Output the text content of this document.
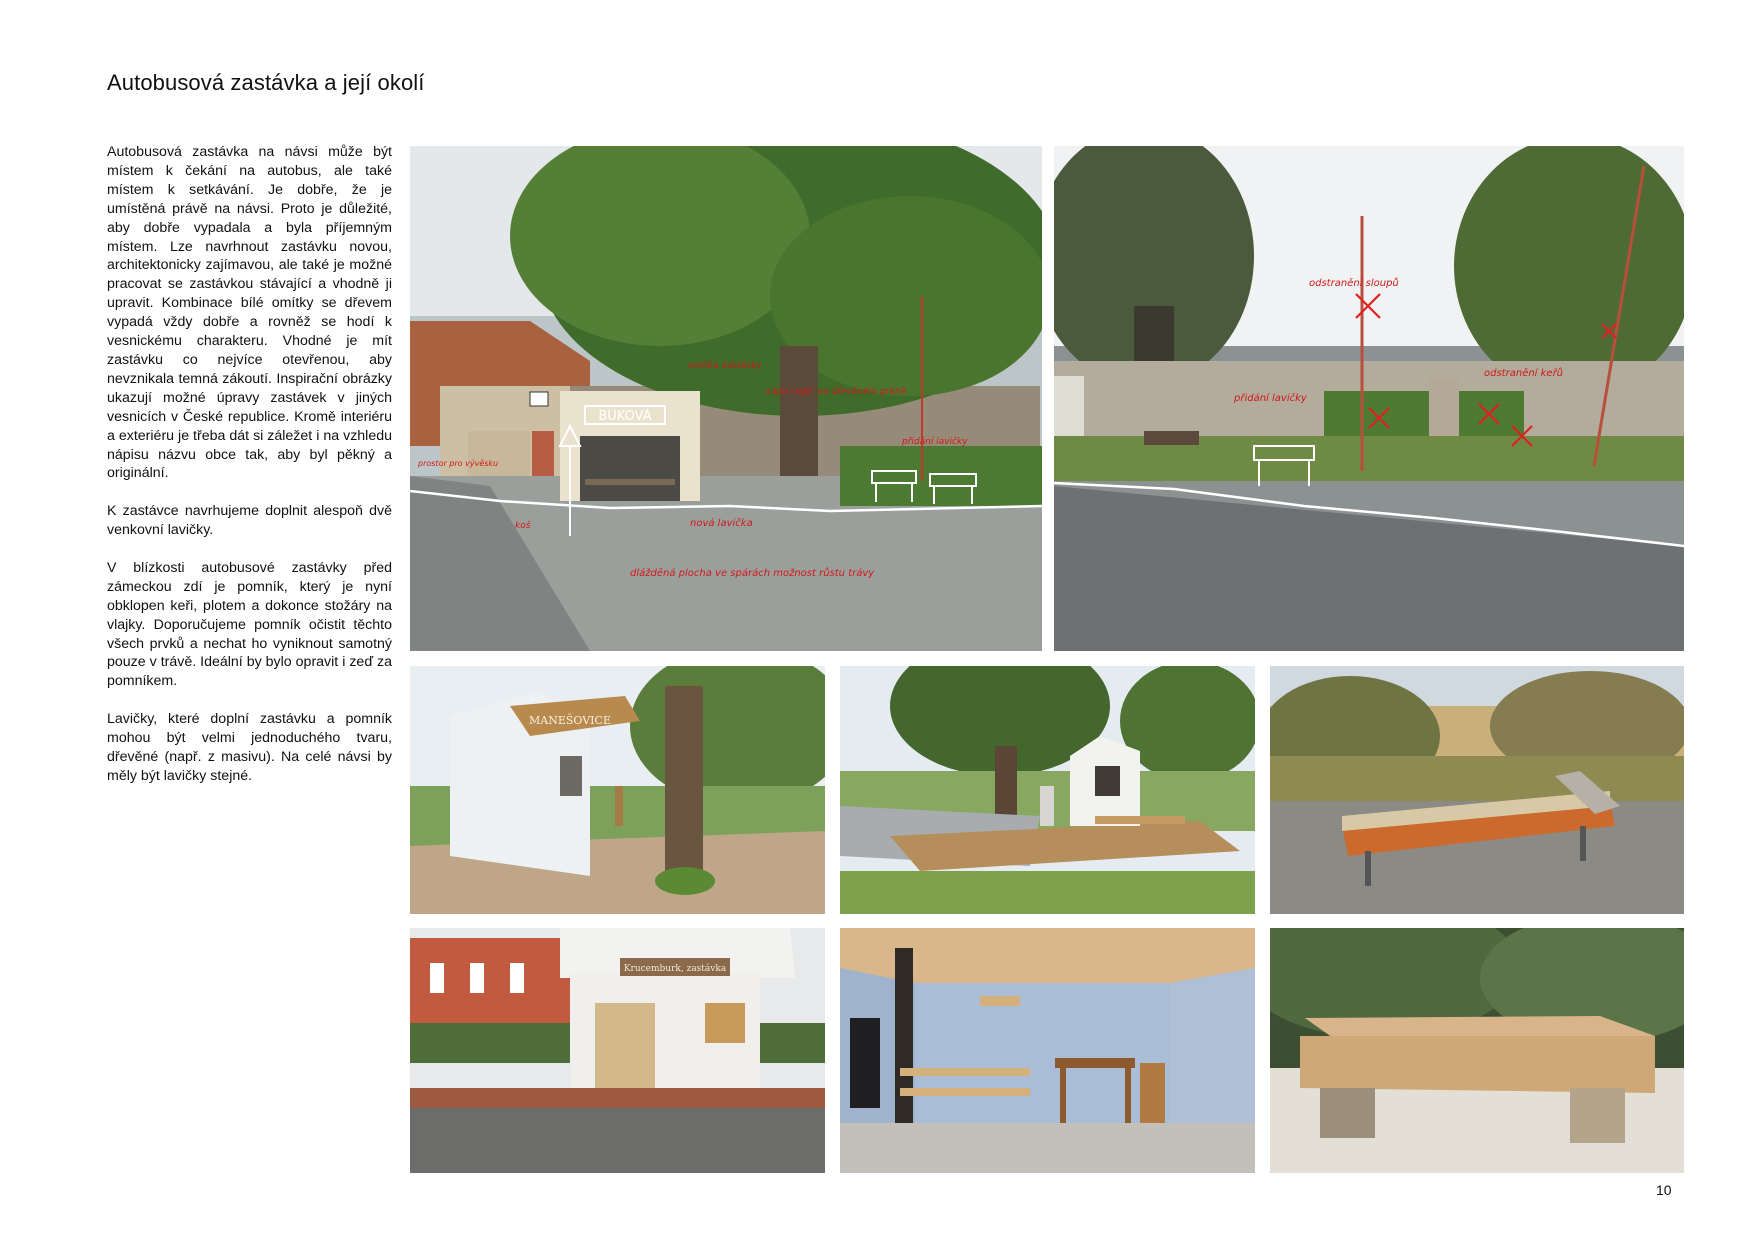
Autobusová zastávka a její okolí

Autobusová zastávka na návsi může být místem k čekání na autobus, ale také místem k setkávání. Je dobře, že je umístěná právě na návsi. Proto je důležité, aby dobře vypadala a byla příjemným místem. Lze navrhnout zastávku novou, architektonicky zajímavou, ale také je možné pracovat se zastávkou stávající a vhodně ji upravit. Kombinace bílé omítky se dřevem vypadá vždy dobře a rovněž se hodí k vesnickému charakteru. Vhodné je mít zastávku co nejvíce otevřenou, aby nevznikala temná zákoutí. Inspirační obrázky ukazují možné úpravy zastávek v jiných vesnicích v České republice. Kromě interiéru a exteriéru je třeba dát si záležet i na vzhledu nápisu názvu obce tak, aby byl pěkný a originální.

K zastávce navrhujeme doplnit alespoň dvě venkovní lavičky.

V blízkosti autobusové zastávky před zámeckou zdí je pomník, který je nyní obklopen keři, plotem a dokonce stožáry na vlajky. Doporučujeme pomník očistit těchto všech prvků a nechat ho vyniknout samotný pouze v trávě. Ideální by bylo opravit i zeď za pomníkem.

Lavičky, které doplní zastávku a pomník mohou být velmi jednoduchého tvaru, dřevěné (např. z masivu). Na celé návsi by měly být lavičky stejné.

BUKOVÁ
omítka zastávky
nápis např. na dřevěném prkně
přidání lavičky
prostor pro vývěsku
koš	nová lavička
dlážděná plocha ve spárách možnost růstu trávy
odstranění sloupů
odstranění keřů
přidání lavičky
MANEŠOVICE
Krucemburk, zastávka
10
